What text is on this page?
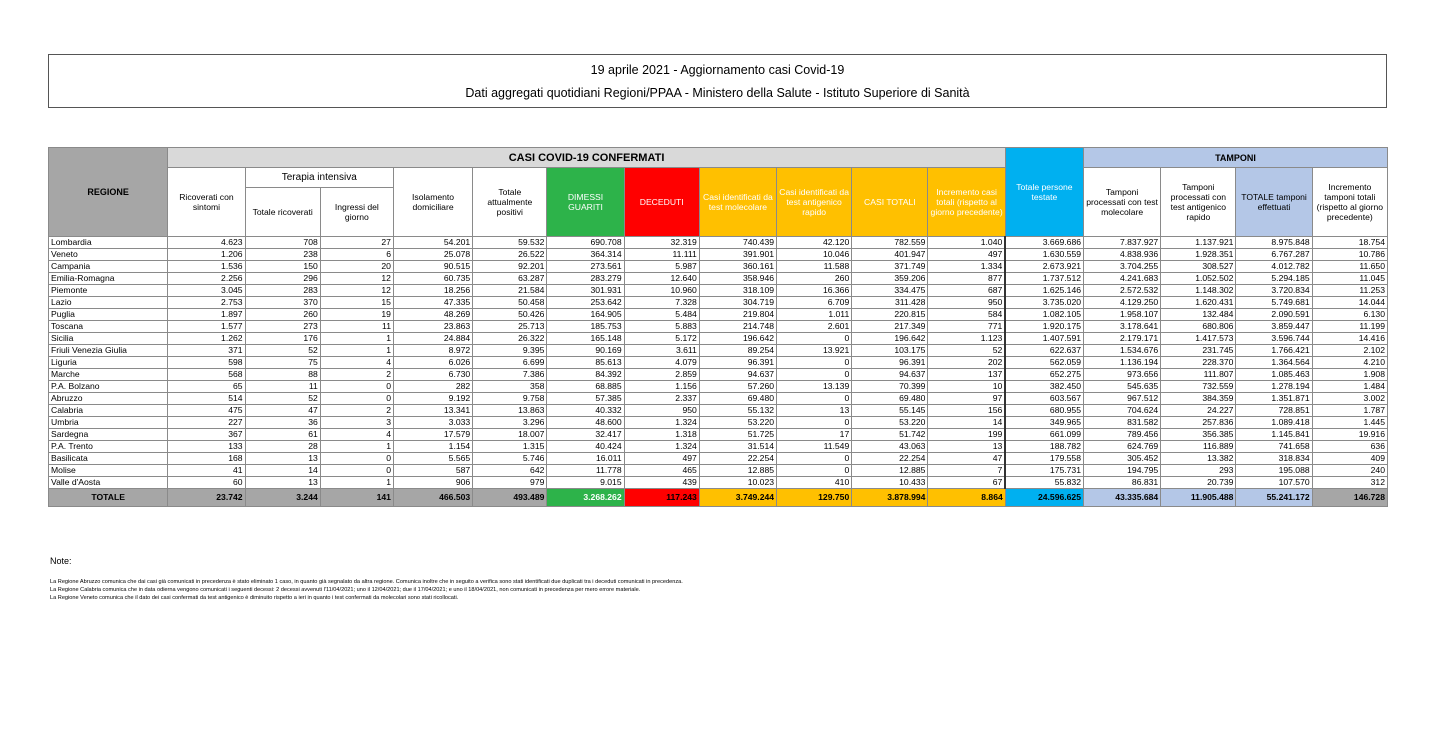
19 aprile 2021 - Aggiornamento casi Covid-19
Dati aggregati quotidiani Regioni/PPAA - Ministero della Salute - Istituto Superiore di Sanità
REGIONE	CASI COVID-19 CONFERMATI											Totale persone testate	TAMPONI			
	Ricoverati con sintomi	Terapia intensiva		Isolamento domiciliare	Totale attualmente positivi	DIMESSI GUARITI	DECEDUTI	Casi identificati da test molecolare	Casi identificati da test antigenico rapido	CASI TOTALI	Incremento casi totali (rispetto al giorno precedente)		Tamponi processati con test molecolare	Tamponi processati con test antigenico rapido	TOTALE tamponi effettuati	Incremento tamponi totali (rispetto al giorno precedente)
		Totale ricoverati	Ingressi del giorno													
Lombardia	4.623	708	27	54.201	59.532	690.708	32.319	740.439	42.120	782.559	1.040	3.669.686	7.837.927	1.137.921	8.975.848	18.754
Veneto	1.206	238	6	25.078	26.522	364.314	11.111	391.901	10.046	401.947	497	1.630.559	4.838.936	1.928.351	6.767.287	10.786
Campania	1.536	150	20	90.515	92.201	273.561	5.987	360.161	11.588	371.749	1.334	2.673.921	3.704.255	308.527	4.012.782	11.650
Emilia-Romagna	2.256	296	12	60.735	63.287	283.279	12.640	358.946	260	359.206	877	1.737.512	4.241.683	1.052.502	5.294.185	11.045
Piemonte	3.045	283	12	18.256	21.584	301.931	10.960	318.109	16.366	334.475	687	1.625.146	2.572.532	1.148.302	3.720.834	11.253
Lazio	2.753	370	15	47.335	50.458	253.642	7.328	304.719	6.709	311.428	950	3.735.020	4.129.250	1.620.431	5.749.681	14.044
Puglia	1.897	260	19	48.269	50.426	164.905	5.484	219.804	1.011	220.815	584	1.082.105	1.958.107	132.484	2.090.591	6.130
Toscana	1.577	273	11	23.863	25.713	185.753	5.883	214.748	2.601	217.349	771	1.920.175	3.178.641	680.806	3.859.447	11.199
Sicilia	1.262	176	1	24.884	26.322	165.148	5.172	196.642	0	196.642	1.123	1.407.591	2.179.171	1.417.573	3.596.744	14.416
Friuli Venezia Giulia	371	52	1	8.972	9.395	90.169	3.611	89.254	13.921	103.175	52	622.637	1.534.676	231.745	1.766.421	2.102
Liguria	598	75	4	6.026	6.699	85.613	4.079	96.391	0	96.391	202	562.059	1.136.194	228.370	1.364.564	4.210
Marche	568	88	2	6.730	7.386	84.392	2.859	94.637	0	94.637	137	652.275	973.656	111.807	1.085.463	1.908
P.A. Bolzano	65	11	0	282	358	68.885	1.156	57.260	13.139	70.399	10	382.450	545.635	732.559	1.278.194	1.484
Abruzzo	514	52	0	9.192	9.758	57.385	2.337	69.480	0	69.480	97	603.567	967.512	384.359	1.351.871	3.002
Calabria	475	47	2	13.341	13.863	40.332	950	55.132	13	55.145	156	680.955	704.624	24.227	728.851	1.787
Umbria	227	36	3	3.033	3.296	48.600	1.324	53.220	0	53.220	14	349.965	831.582	257.836	1.089.418	1.445
Sardegna	367	61	4	17.579	18.007	32.417	1.318	51.725	17	51.742	199	661.099	789.456	356.385	1.145.841	19.916
P.A. Trento	133	28	1	1.154	1.315	40.424	1.324	31.514	11.549	43.063	13	188.782	624.769	116.889	741.658	636
Basilicata	168	13	0	5.565	5.746	16.011	497	22.254	0	22.254	47	179.558	305.452	13.382	318.834	409
Molise	41	14	0	587	642	11.778	465	12.885	0	12.885	7	175.731	194.795	293	195.088	240
Valle d'Aosta	60	13	1	906	979	9.015	439	10.023	410	10.433	67	55.832	86.831	20.739	107.570	312
TOTALE	23.742	3.244	141	466.503	493.489	3.268.262	117.243	3.749.244	129.750	3.878.994	8.864	24.596.625	43.335.684	11.905.488	55.241.172	146.728
Note:
La Regione Abruzzo comunica che dai casi già comunicati in precedenza è stato eliminato 1 caso, in quanto già segnalato da altra regione. Comunica inoltre che in seguito a verifica sono stati identificati due duplicati tra i deceduti comunicati in precedenza.
La Regione Calabria comunica che in data odierna vengono comunicati i seguenti decessi: 2 decessi avvenuti l'11/04/2021; uno il 12/04/2021; due il 17/04/2021; e uno il 18/04/2021, non comunicati in precedenza per mero errore materiale.
La Regione Veneto comunica che il dato dei casi confermati da test antigenico è diminuito rispetto a ieri in quanto i test confermati da molecolari sono stati ricollocati.
